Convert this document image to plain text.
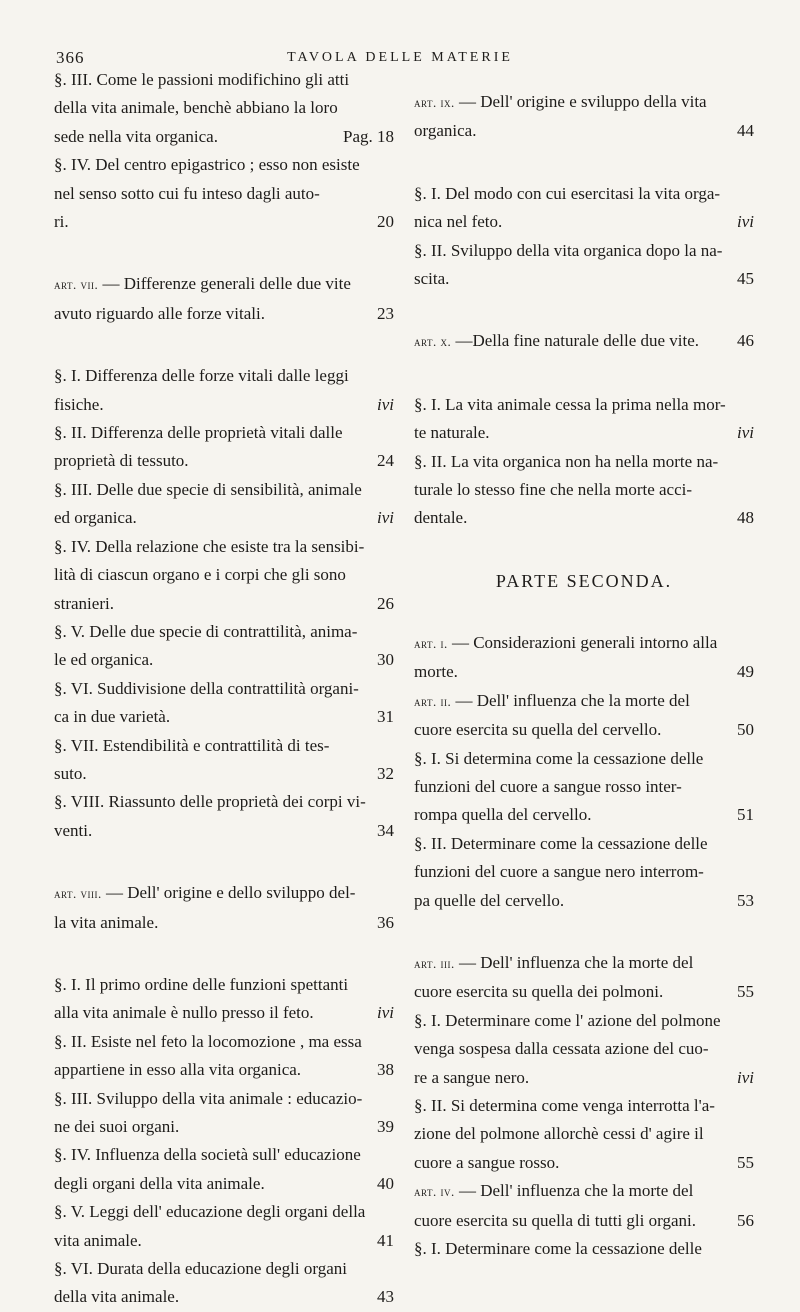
366	TAVOLA DELLE MATERIE
§. III. Come le passioni modifichino gli atti
della vita animale, benchè abbiano la loro
sede nella vita organica.	Pag. 18
§. IV. Del centro epigastrico ; esso non esiste
nel senso sotto cui fu inteso dagli auto-
ri.	20
art. vii. — Differenze generali delle due vite
avuto riguardo alle forze vitali.	23
§. I. Differenza delle forze vitali dalle leggi
fisiche.	ivi
§. II. Differenza delle proprietà vitali dalle
proprietà di tessuto.	24
§. III. Delle due specie di sensibilità, animale
ed organica.	ivi
§. IV. Della relazione che esiste tra la sensibi-
lità di ciascun organo e i corpi che gli sono
stranieri.	26
§. V. Delle due specie di contrattilità, anima-
le ed organica.	30
§. VI. Suddivisione della contrattilità organi-
ca in due varietà.	31
§. VII. Estendibilità e contrattilità di tes-
suto.	32
§. VIII. Riassunto delle proprietà dei corpi vi-
venti.	34
art. viii. — Dell' origine e dello sviluppo del-
la vita animale.	36
§. I. Il primo ordine delle funzioni spettanti
alla vita animale è nullo presso il feto.	ivi
§. II. Esiste nel feto la locomozione , ma essa
appartiene in esso alla vita organica.	38
§. III. Sviluppo della vita animale : educazio-
ne dei suoi organi.	39
§. IV. Influenza della società sull' educazione
degli organi della vita animale.	40
§. V. Leggi dell' educazione degli organi della
vita animale.	41
§. VI. Durata della educazione degli organi
della vita animale.	43
art. ix. — Dell' origine e sviluppo della vita
organica.	44
§. I. Del modo con cui esercitasi la vita orga-
nica nel feto.	ivi
§. II. Sviluppo della vita organica dopo la na-
scita.	45
art. x. —Della fine naturale delle due vite. 46
§. I. La vita animale cessa la prima nella mor-
te naturale.	ivi
§. II. La vita organica non ha nella morte na-
turale lo stesso fine che nella morte acci-
dentale.	48
PARTE SECONDA.
art. i. — Considerazioni generali intorno alla
morte.	49
art. ii. — Dell' influenza che la morte del
cuore esercita su quella del cervello.	50
§. I. Si determina come la cessazione delle
funzioni del cuore a sangue rosso inter-
rompa quella del cervello.	51
§. II. Determinare come la cessazione delle
funzioni del cuore a sangue nero interrom-
pa quelle del cervello.	53
art. iii. — Dell' influenza che la morte del
cuore esercita su quella dei polmoni.	55
§. I. Determinare come l' azione del polmone
venga sospesa dalla cessata azione del cuo-
re a sangue nero.	ivi
§. II. Si determina come venga interrotta l'a-
zione del polmone allorchè cessi d' agire il
cuore a sangue rosso.	55
art. iv. — Dell' influenza che la morte del
cuore esercita su quella di tutti gli organi. 56
§. I. Determinare come la cessazione delle
